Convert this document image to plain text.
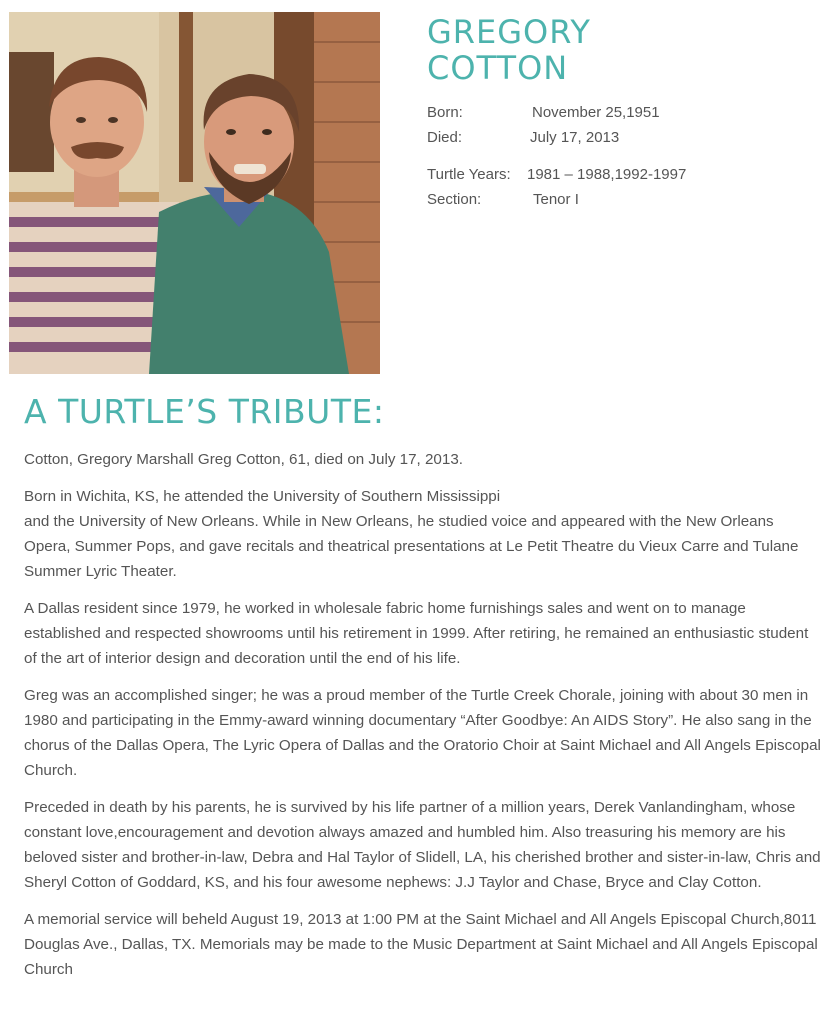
GREGORY
COTTON
Born:	November 25,1951
Died:	July 17, 2013
Turtle Years: 1981 – 1988,1992-1997
Section:	Tenor I
A TURTLE’S TRIBUTE:

Cotton, Gregory Marshall Greg Cotton, 61, died on July 17, 2013.

Born in Wichita, KS, he attended the University of Southern Mississippi
and the University of New Orleans. While in New Orleans, he studied voice and appeared with the New Orleans Opera, Summer Pops, and gave recitals and theatrical presentations at Le Petit Theatre du Vieux Carre and Tulane Summer Lyric Theater.

A Dallas resident since 1979, he worked in wholesale fabric home furnishings sales and went on to manage established and respected showrooms until his retirement in 1999. After retiring, he remained an enthusiastic student of the art of interior design and decoration until the end of his life.

Greg was an accomplished singer; he was a proud member of the Turtle Creek Chorale, joining with about 30 men in 1980 and participating in the Emmy-award winning documentary “After Goodbye: An AIDS Story”. He also sang in the chorus of the Dallas Opera, The Lyric Opera of Dallas and the Oratorio Choir at Saint Michael and All Angels Episcopal Church.

Preceded in death by his parents, he is survived by his life partner of a million years, Derek Vanlandingham, whose constant love,encouragement and devotion always amazed and humbled him. Also treasuring his memory are his beloved sister and brother-in-law, Debra and Hal Taylor of Slidell, LA, his cherished brother and sister-in-law, Chris and Sheryl Cotton of Goddard, KS, and his four awesome nephews: J.J Taylor and Chase, Bryce and Clay Cotton.

A memorial service will beheld August 19, 2013 at 1:00 PM at the Saint Michael and All Angels Episcopal Church,8011 Douglas Ave., Dallas, TX. Memorials may be made to the Music Department at Saint Michael and All Angels Episcopal Church
